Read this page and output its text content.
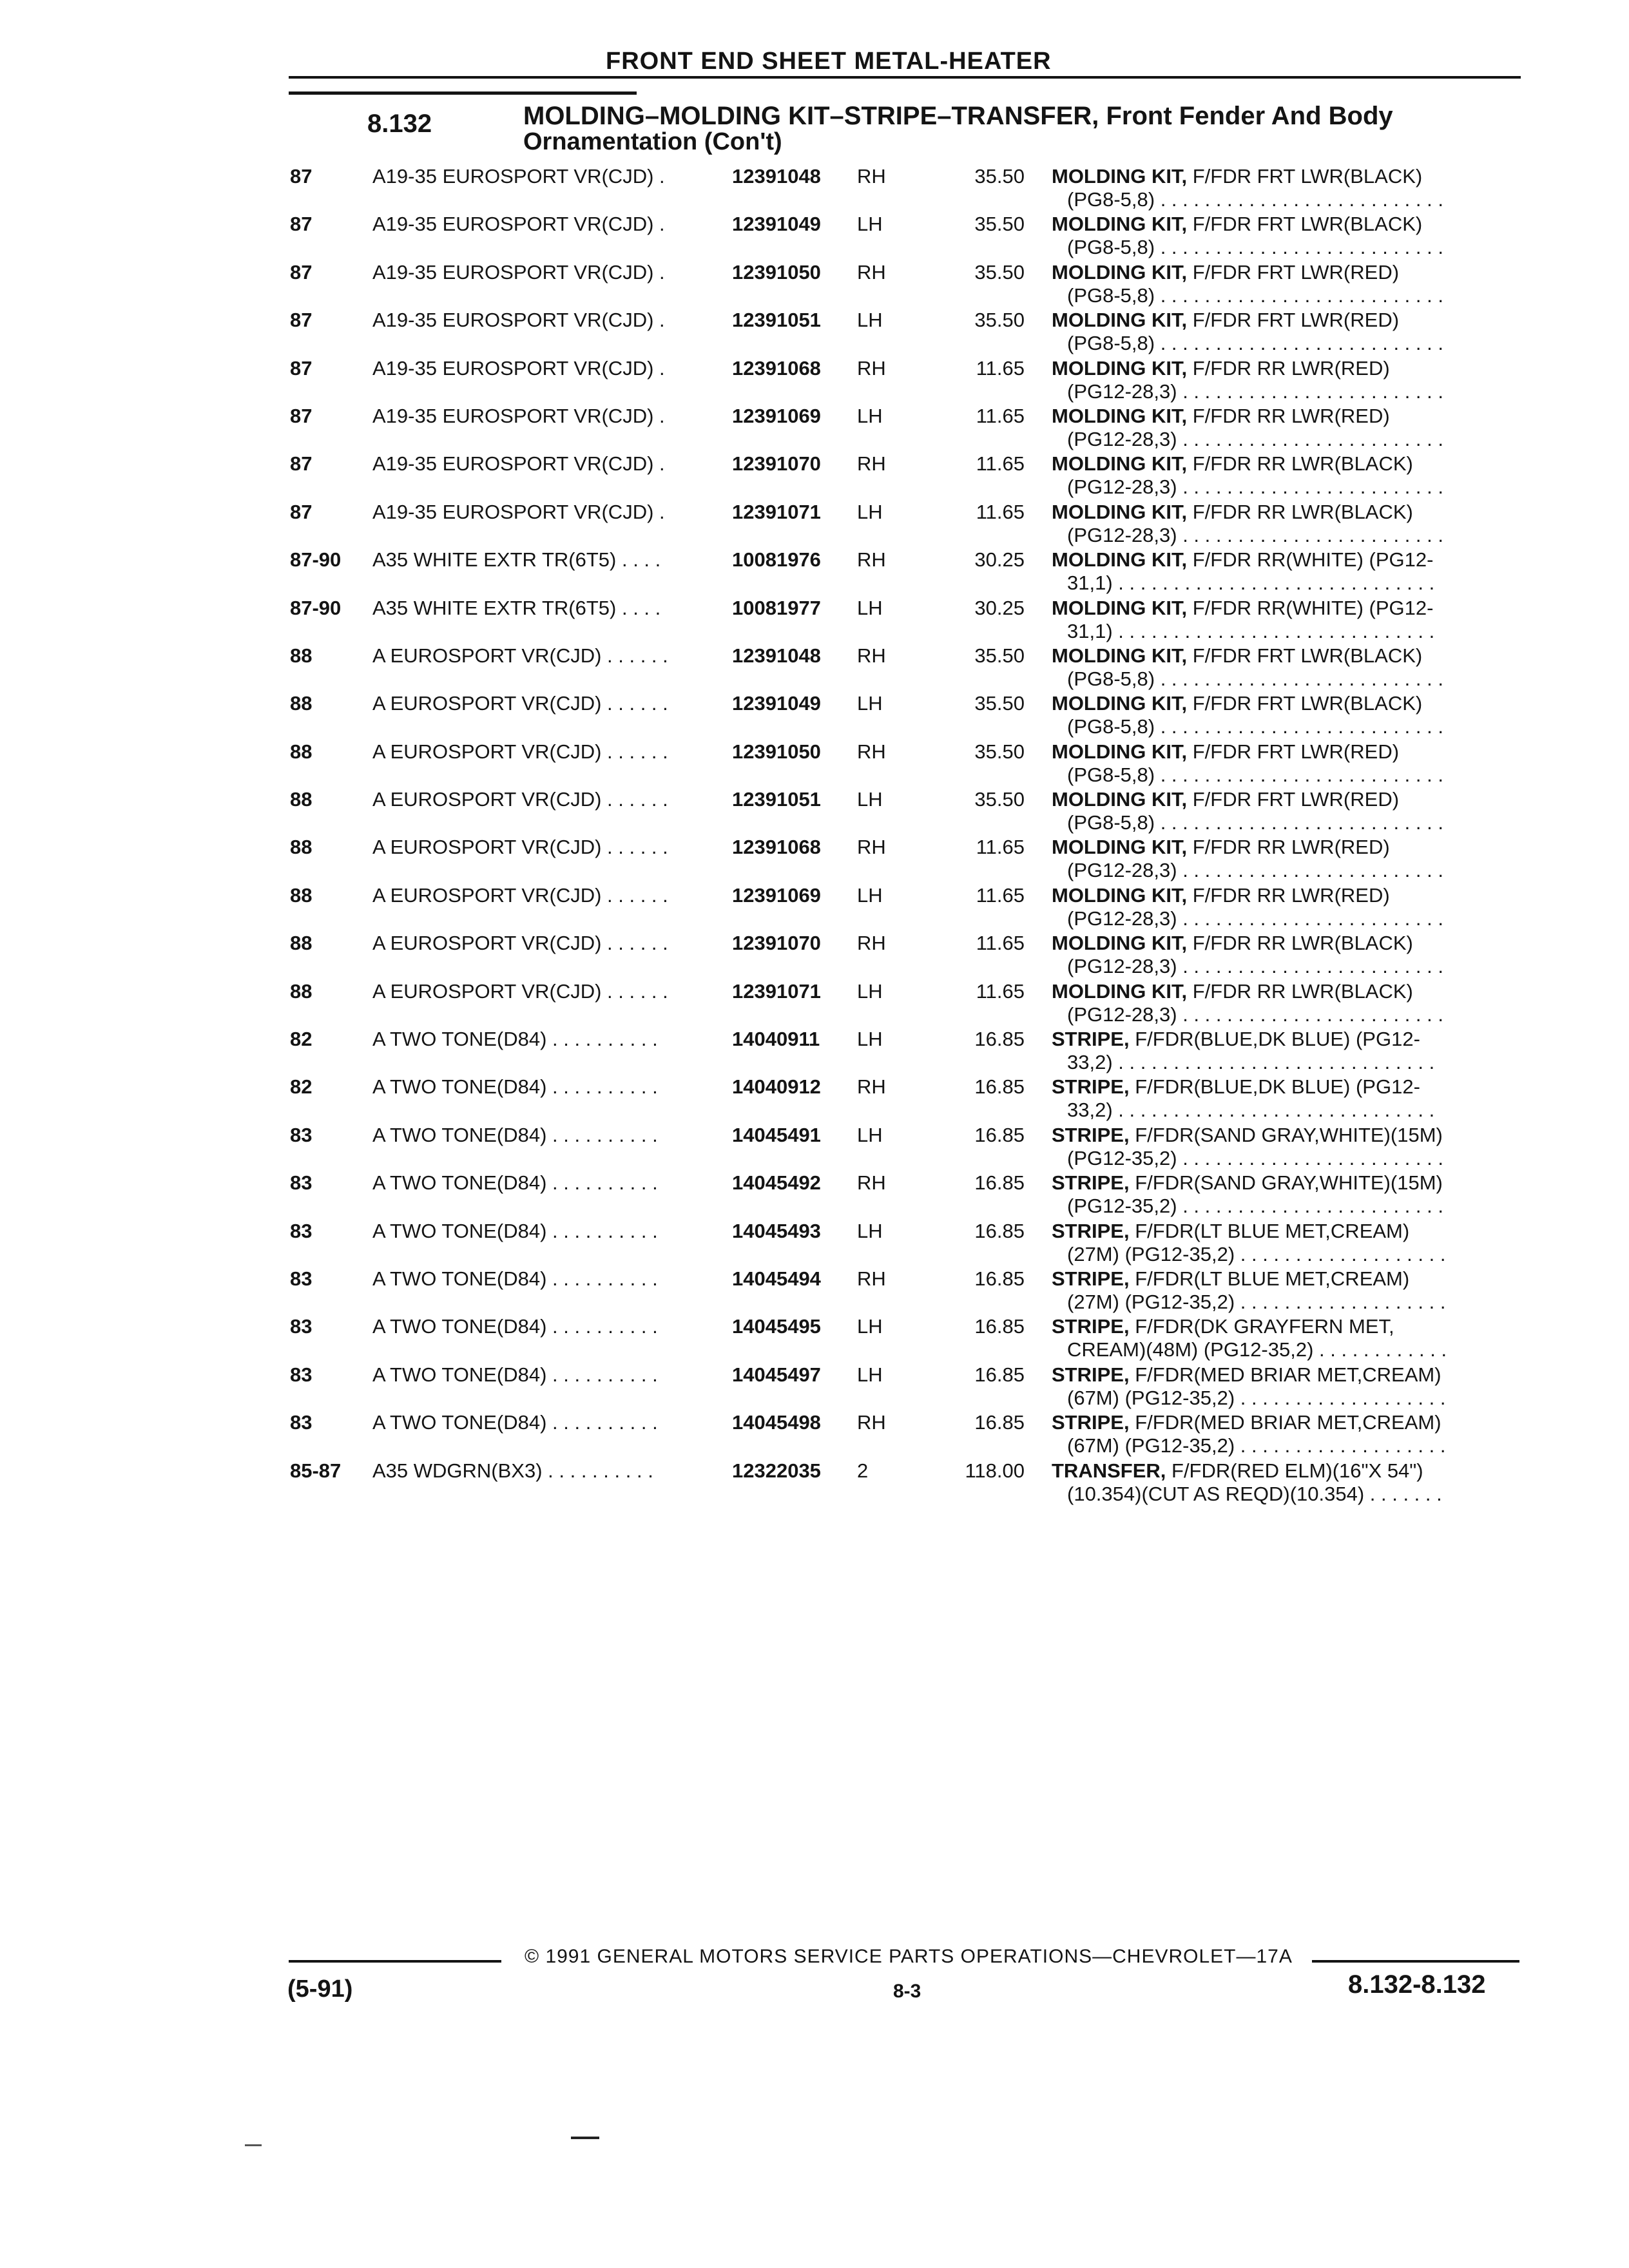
FRONT END SHEET METAL-HEATER
8.132	MOLDING–MOLDING KIT–STRIPE–TRANSFER, Front Fender And Body
Ornamentation (Con't)
87	A19-35 EUROSPORT VR(CJD) .	12391048 RH	35.50 MOLDING KIT, F/FDR FRT LWR(BLACK)
(PG8-5,8) . . . . . . . . . . . . . . . . . . . . . . . . . .
87	A19-35 EUROSPORT VR(CJD) .	12391049 LH	35.50 MOLDING KIT, F/FDR FRT LWR(BLACK)
(PG8-5,8) . . . . . . . . . . . . . . . . . . . . . . . . . .
87	A19-35 EUROSPORT VR(CJD) .	12391050 RH	35.50 MOLDING KIT, F/FDR FRT LWR(RED)
(PG8-5,8) . . . . . . . . . . . . . . . . . . . . . . . . . .
87	A19-35 EUROSPORT VR(CJD) .	12391051 LH	35.50 MOLDING KIT, F/FDR FRT LWR(RED)
(PG8-5,8) . . . . . . . . . . . . . . . . . . . . . . . . . .
87	A19-35 EUROSPORT VR(CJD) .	12391068 RH	11.65 MOLDING KIT, F/FDR RR LWR(RED)
(PG12-28,3) . . . . . . . . . . . . . . . . . . . . . . . .
87	A19-35 EUROSPORT VR(CJD) .	12391069 LH	11.65 MOLDING KIT, F/FDR RR LWR(RED)
(PG12-28,3) . . . . . . . . . . . . . . . . . . . . . . . .
87	A19-35 EUROSPORT VR(CJD) .	12391070 RH	11.65 MOLDING KIT, F/FDR RR LWR(BLACK)
(PG12-28,3) . . . . . . . . . . . . . . . . . . . . . . . .
87	A19-35 EUROSPORT VR(CJD) .	12391071 LH	11.65 MOLDING KIT, F/FDR RR LWR(BLACK)
(PG12-28,3) . . . . . . . . . . . . . . . . . . . . . . . .
87-90 A35 WHITE EXTR TR(6T5) . . . .	10081976 RH	30.25 MOLDING KIT, F/FDR RR(WHITE) (PG12-
31,1) . . . . . . . . . . . . . . . . . . . . . . . . . . . . .
87-90 A35 WHITE EXTR TR(6T5) . . . .	10081977 LH	30.25 MOLDING KIT, F/FDR RR(WHITE) (PG12-
31,1) . . . . . . . . . . . . . . . . . . . . . . . . . . . . .
88	A EUROSPORT VR(CJD) . . . . . .	12391048 RH	35.50 MOLDING KIT, F/FDR FRT LWR(BLACK)
(PG8-5,8) . . . . . . . . . . . . . . . . . . . . . . . . . .
88	A EUROSPORT VR(CJD) . . . . . .	12391049 LH	35.50 MOLDING KIT, F/FDR FRT LWR(BLACK)
(PG8-5,8) . . . . . . . . . . . . . . . . . . . . . . . . . .
88	A EUROSPORT VR(CJD) . . . . . .	12391050 RH	35.50 MOLDING KIT, F/FDR FRT LWR(RED)
(PG8-5,8) . . . . . . . . . . . . . . . . . . . . . . . . . .
88	A EUROSPORT VR(CJD) . . . . . .	12391051 LH	35.50 MOLDING KIT, F/FDR FRT LWR(RED)
(PG8-5,8) . . . . . . . . . . . . . . . . . . . . . . . . . .
88	A EUROSPORT VR(CJD) . . . . . .	12391068 RH	11.65 MOLDING KIT, F/FDR RR LWR(RED)
(PG12-28,3) . . . . . . . . . . . . . . . . . . . . . . . .
88	A EUROSPORT VR(CJD) . . . . . .	12391069 LH	11.65 MOLDING KIT, F/FDR RR LWR(RED)
(PG12-28,3) . . . . . . . . . . . . . . . . . . . . . . . .
88	A EUROSPORT VR(CJD) . . . . . .	12391070 RH	11.65 MOLDING KIT, F/FDR RR LWR(BLACK)
(PG12-28,3) . . . . . . . . . . . . . . . . . . . . . . . .
88	A EUROSPORT VR(CJD) . . . . . .	12391071 LH	11.65 MOLDING KIT, F/FDR RR LWR(BLACK)
(PG12-28,3) . . . . . . . . . . . . . . . . . . . . . . . .
82	A TWO TONE(D84) . . . . . . . . . .	14040911 LH	16.85 STRIPE, F/FDR(BLUE,DK BLUE) (PG12-
33,2) . . . . . . . . . . . . . . . . . . . . . . . . . . . . .
82	A TWO TONE(D84) . . . . . . . . . .	14040912 RH	16.85 STRIPE, F/FDR(BLUE,DK BLUE) (PG12-
33,2) . . . . . . . . . . . . . . . . . . . . . . . . . . . . .
83	A TWO TONE(D84) . . . . . . . . . .	14045491 LH	16.85 STRIPE, F/FDR(SAND GRAY,WHITE)(15M)
(PG12-35,2) . . . . . . . . . . . . . . . . . . . . . . . .
83	A TWO TONE(D84) . . . . . . . . . .	14045492 RH	16.85 STRIPE, F/FDR(SAND GRAY,WHITE)(15M)
(PG12-35,2) . . . . . . . . . . . . . . . . . . . . . . . .
83	A TWO TONE(D84) . . . . . . . . . .	14045493 LH	16.85 STRIPE, F/FDR(LT BLUE MET,CREAM)
(27M) (PG12-35,2) . . . . . . . . . . . . . . . . . . .
83	A TWO TONE(D84) . . . . . . . . . .	14045494 RH	16.85 STRIPE, F/FDR(LT BLUE MET,CREAM)
(27M) (PG12-35,2) . . . . . . . . . . . . . . . . . . .
83	A TWO TONE(D84) . . . . . . . . . .	14045495 LH	16.85 STRIPE, F/FDR(DK GRAYFERN MET,
CREAM)(48M) (PG12-35,2) . . . . . . . . . . . .
83	A TWO TONE(D84) . . . . . . . . . .	14045497 LH	16.85 STRIPE, F/FDR(MED BRIAR MET,CREAM)
(67M) (PG12-35,2) . . . . . . . . . . . . . . . . . . .
83	A TWO TONE(D84) . . . . . . . . . .	14045498 RH	16.85 STRIPE, F/FDR(MED BRIAR MET,CREAM)
(67M) (PG12-35,2) . . . . . . . . . . . . . . . . . . .
85-87 A35 WDGRN(BX3) . . . . . . . . . .	12322035 2	118.00 TRANSFER, F/FDR(RED ELM)(16"X 54")
(10.354)(CUT AS REQD)(10.354) . . . . . . .
© 1991 GENERAL MOTORS SERVICE PARTS OPERATIONS—CHEVROLET—17A
(5-91)	8-3	8.132-8.132
